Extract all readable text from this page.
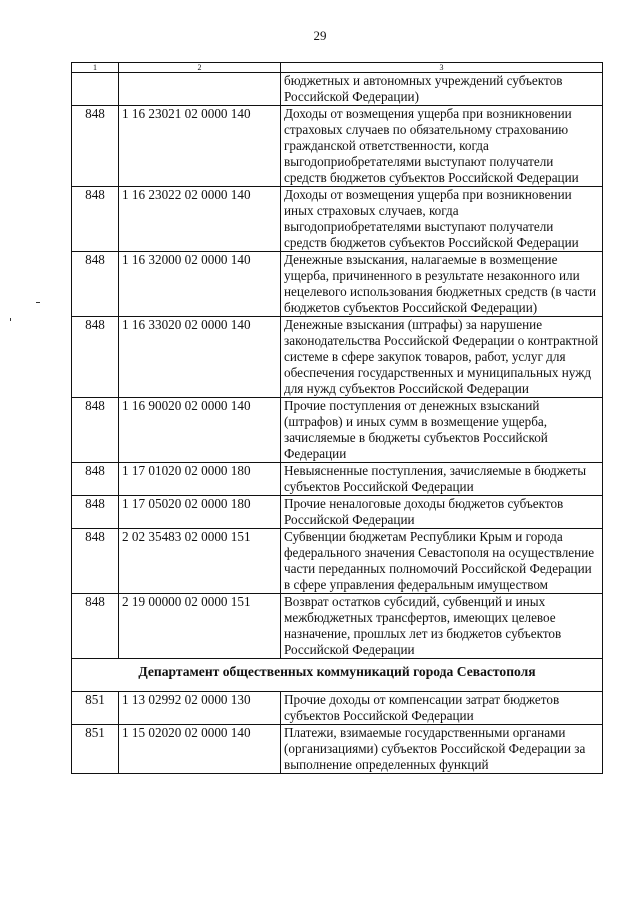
29
1	2	3
		бюджетных и автономных учреждений субъектов Российской Федерации)
848	1 16 23021 02 0000 140	Доходы от возмещения ущерба при возникновении страховых случаев по обязательному страхованию гражданской ответственности, когда выгодоприобретателями выступают получатели средств бюджетов субъектов Российской Федерации
848	1 16 23022 02 0000 140	Доходы от возмещения ущерба при возникновении иных страховых случаев, когда выгодоприобретателями выступают получатели средств бюджетов субъектов Российской Федерации
848	1 16 32000 02 0000 140	Денежные взыскания, налагаемые в возмещение ущерба, причиненного в результате незаконного или нецелевого использования бюджетных средств (в части бюджетов субъектов Российской Федерации)
848	1 16 33020 02 0000 140	Денежные взыскания (штрафы) за нарушение законодательства Российской Федерации о контрактной системе в сфере закупок товаров, работ, услуг для обеспечения государственных и муниципальных нужд для нужд субъектов Российской Федерации
848	1 16 90020 02 0000 140	Прочие поступления от денежных взысканий (штрафов) и иных сумм в возмещение ущерба, зачисляемые в бюджеты субъектов Российской Федерации
848	1 17 01020 02 0000 180	Невыясненные поступления, зачисляемые в бюджеты субъектов Российской Федерации
848	1 17 05020 02 0000 180	Прочие неналоговые доходы бюджетов субъектов Российской Федерации
848	2 02 35483 02 0000 151	Субвенции бюджетам Республики Крым и города федерального значения Севастополя на осуществление части переданных полномочий Российской Федерации в сфере управления федеральным имуществом
848	2 19 00000 02 0000 151	Возврат остатков субсидий, субвенций и иных межбюджетных трансфертов, имеющих целевое назначение, прошлых лет из бюджетов субъектов Российской Федерации
Департамент общественных коммуникаций города Севастополя		
851	1 13 02992 02 0000 130	Прочие доходы от компенсации затрат бюджетов субъектов Российской Федерации
851	1 15 02020 02 0000 140	Платежи, взимаемые государственными органами (организациями) субъектов Российской Федерации за выполнение определенных функций
